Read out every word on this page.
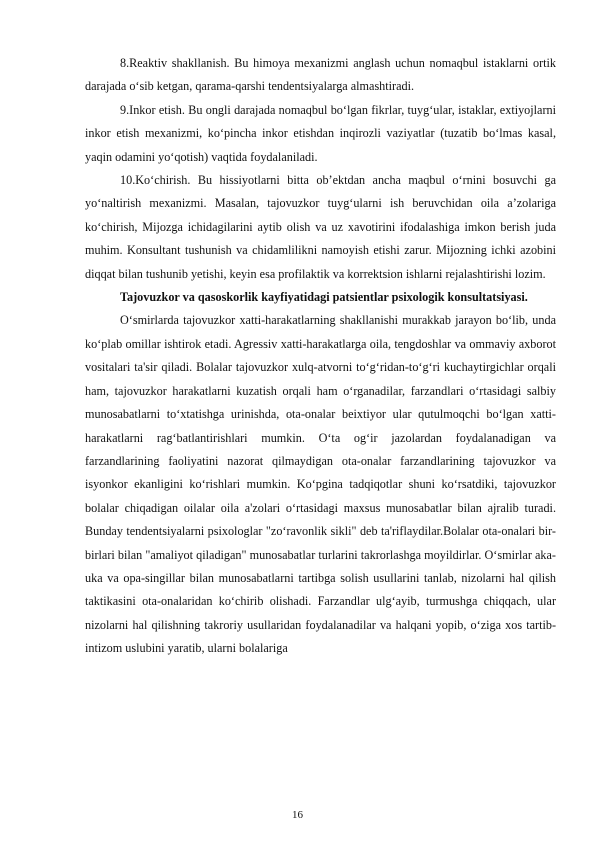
8.Reaktiv shakllanish. Bu himoya mexanizmi anglash uchun nomaqbul istaklarni ortik darajada o‘sib ketgan, qarama-qarshi tendentsiyalarga almashtiradi.

9.Inkor etish. Bu ongli darajada nomaqbul bo‘lgan fikrlar, tuyg‘ular, istaklar, extiyojlarni inkor etish mexanizmi, ko‘pincha inkor etishdan inqirozli vaziyatlar (tuzatib bo‘lmas kasal, yaqin odamini yo‘qotish) vaqtida foydalaniladi.

10.Ko‘chirish. Bu hissiyotlarni bitta ob’ektdan ancha maqbul o‘rnini bosuvchi ga yo‘naltirish mexanizmi. Masalan, tajovuzkor tuyg‘ularni ish beruvchidan oila a’zolariga ko‘chirish, Mijozga ichidagilarini aytib olish va uz xavotirini ifodalashiga imkon berish juda muhim. Konsultant tushunish va chidamlilikni namoyish etishi zarur. Mijozning ichki azobini diqqat bilan tushunib yetishi, keyin esa profilaktik va korrektsion ishlarni rejalashtirishi lozim.

Tajovuzkor va qasoskorlik kayfiyatidagi patsientlar psixologik konsultatsiyasi.

O‘smirlarda tajovuzkor xatti-harakatlarning shakllanishi murakkab jarayon bo‘lib, unda ko‘plab omillar ishtirok etadi. Agressiv xatti-harakatlarga oila, tengdoshlar va ommaviy axborot vositalari ta'sir qiladi. Bolalar tajovuzkor xulq-atvorni to‘g‘ridan-to‘g‘ri kuchaytirgichlar orqali ham, tajovuzkor harakatlarni kuzatish orqali ham o‘rganadilar, farzandlari o‘rtasidagi salbiy munosabatlarni to‘xtatishga urinishda, ota-onalar beixtiyor ular qutulmoqchi bo‘lgan xatti-harakatlarni rag‘batlantirishlari mumkin. O‘ta og‘ir jazolardan foydalanadigan va farzandlarining faoliyatini nazorat qilmaydigan ota-onalar farzandlarining tajovuzkor va isyonkor ekanligini ko‘rishlari mumkin. Ko‘pgina tadqiqotlar shuni ko‘rsatdiki, tajovuzkor bolalar chiqadigan oilalar oila a'zolari o‘rtasidagi maxsus munosabatlar bilan ajralib turadi. Bunday tendentsiyalarni psixologlar "zo‘ravonlik sikli" deb ta'riflaydilar.Bolalar ota-onalari bir-birlari bilan "amaliyot qiladigan" munosabatlar turlarini takrorlashga moyildirlar. O‘smirlar aka-uka va opa-singillar bilan munosabatlarni tartibga solish usullarini tanlab, nizolarni hal qilish taktikasini ota-onalaridan ko‘chirib olishadi. Farzandlar ulg‘ayib, turmushga chiqqach, ular nizolarni hal qilishning takroriy usullaridan foydalanadilar va halqani yopib, o‘ziga xos tartib-intizom uslubini yaratib, ularni bolalariga

16
